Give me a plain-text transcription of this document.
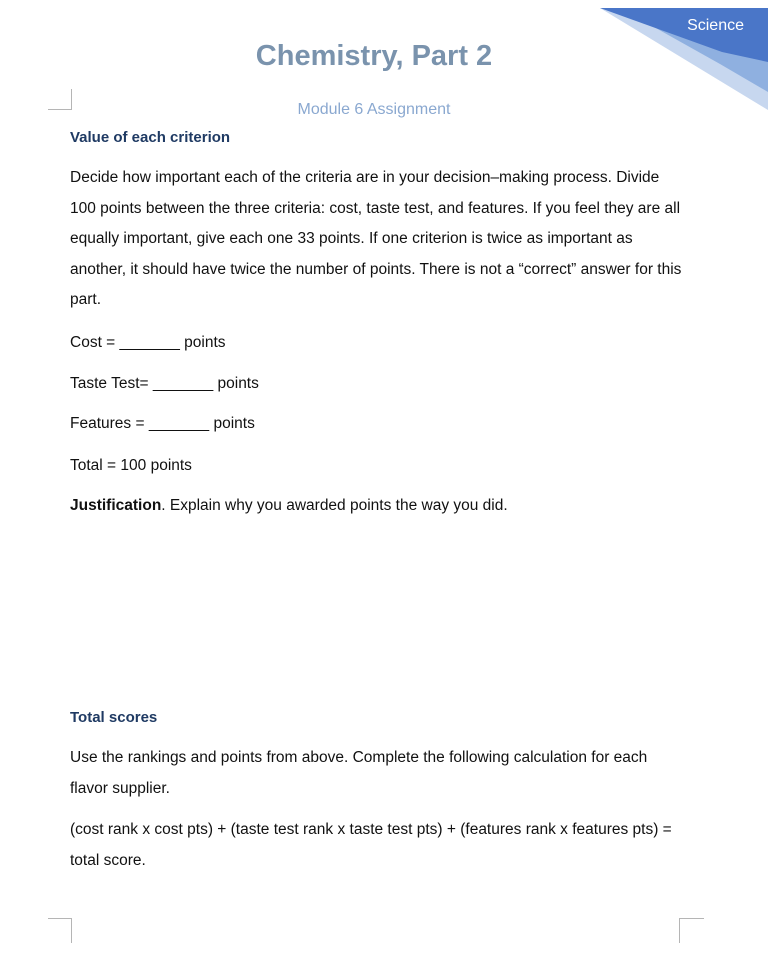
Science
Chemistry, Part 2
Module 6 Assignment
Value of each criterion
Decide how important each of the criteria are in your decision–making process. Divide 100 points between the three criteria: cost, taste test, and features. If you feel they are all equally important, give each one 33 points. If one criterion is twice as important as another, it should have twice the number of points. There is not a “correct” answer for this part.
Cost = _______ points
Taste Test= _______ points
Features = _______ points
Total = 100 points
Justification. Explain why you awarded points the way you did.
Total scores
Use the rankings and points from above. Complete the following calculation for each flavor supplier.
(cost rank x cost pts) + (taste test rank x taste test pts) + (features rank x features pts) = total score.
